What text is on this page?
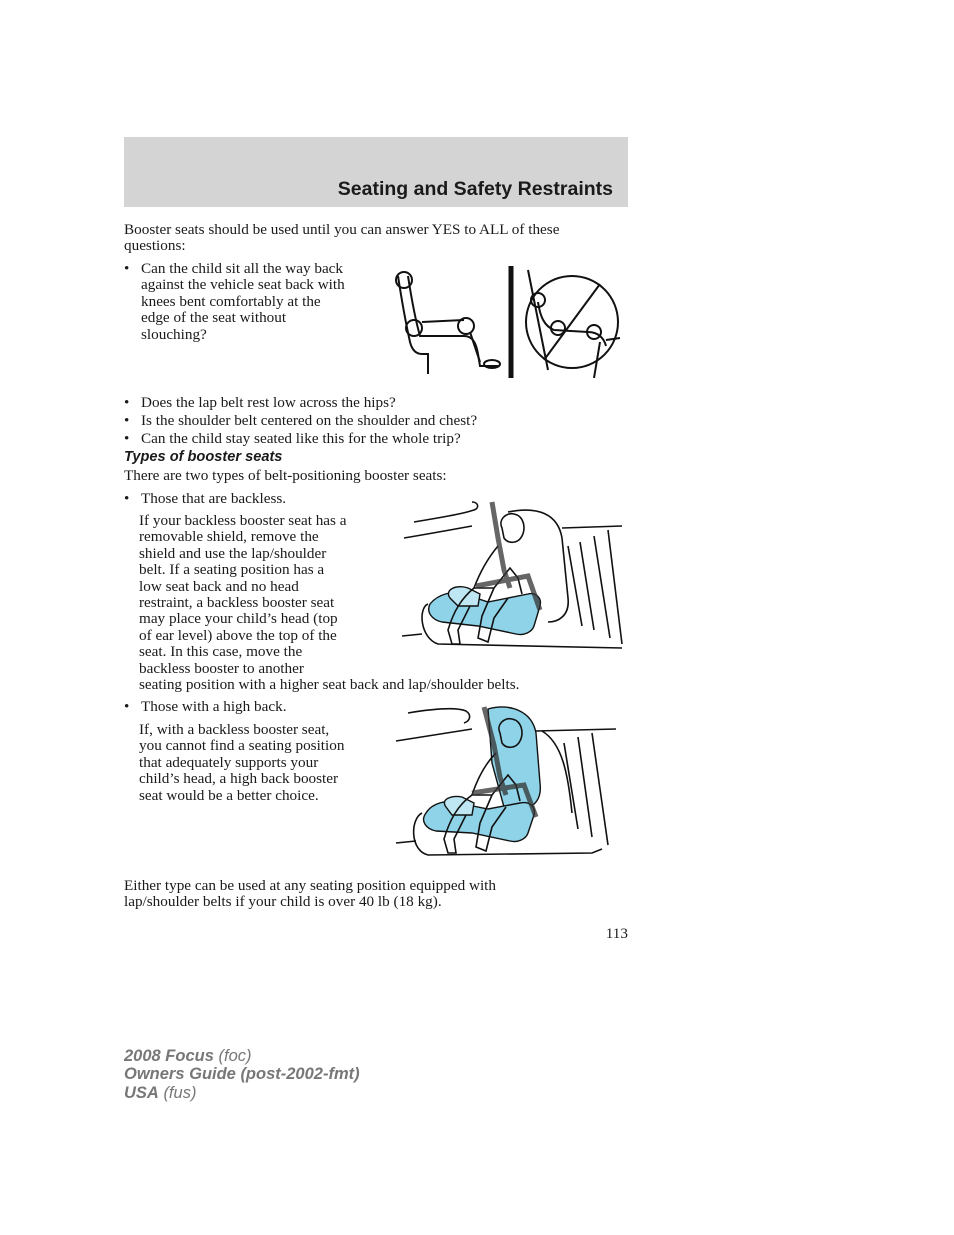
Seating and Safety Restraints
Booster seats should be used until you can answer YES to ALL of these
questions:
• Can the child sit all the way back
against the vehicle seat back with
knees bent comfortably at the
edge of the seat without
slouching?
• Does the lap belt rest low across the hips?
• Is the shoulder belt centered on the shoulder and chest?
• Can the child stay seated like this for the whole trip?
Types of booster seats
There are two types of belt-positioning booster seats:
• Those that are backless.
If your backless booster seat has a
removable shield, remove the
shield and use the lap/shoulder
belt. If a seating position has a
low seat back and no head
restraint, a backless booster seat
may place your child’s head (top
of ear level) above the top of the
seat. In this case, move the
backless booster to another
seating position with a higher seat back and lap/shoulder belts.
• Those with a high back.
If, with a backless booster seat,
you cannot find a seating position
that adequately supports your
child’s head, a high back booster
seat would be a better choice.
Either type can be used at any seating position equipped with
lap/shoulder belts if your child is over 40 lb (18 kg).
113
2008 Focus (foc)
Owners Guide (post-2002-fmt)
USA (fus)
